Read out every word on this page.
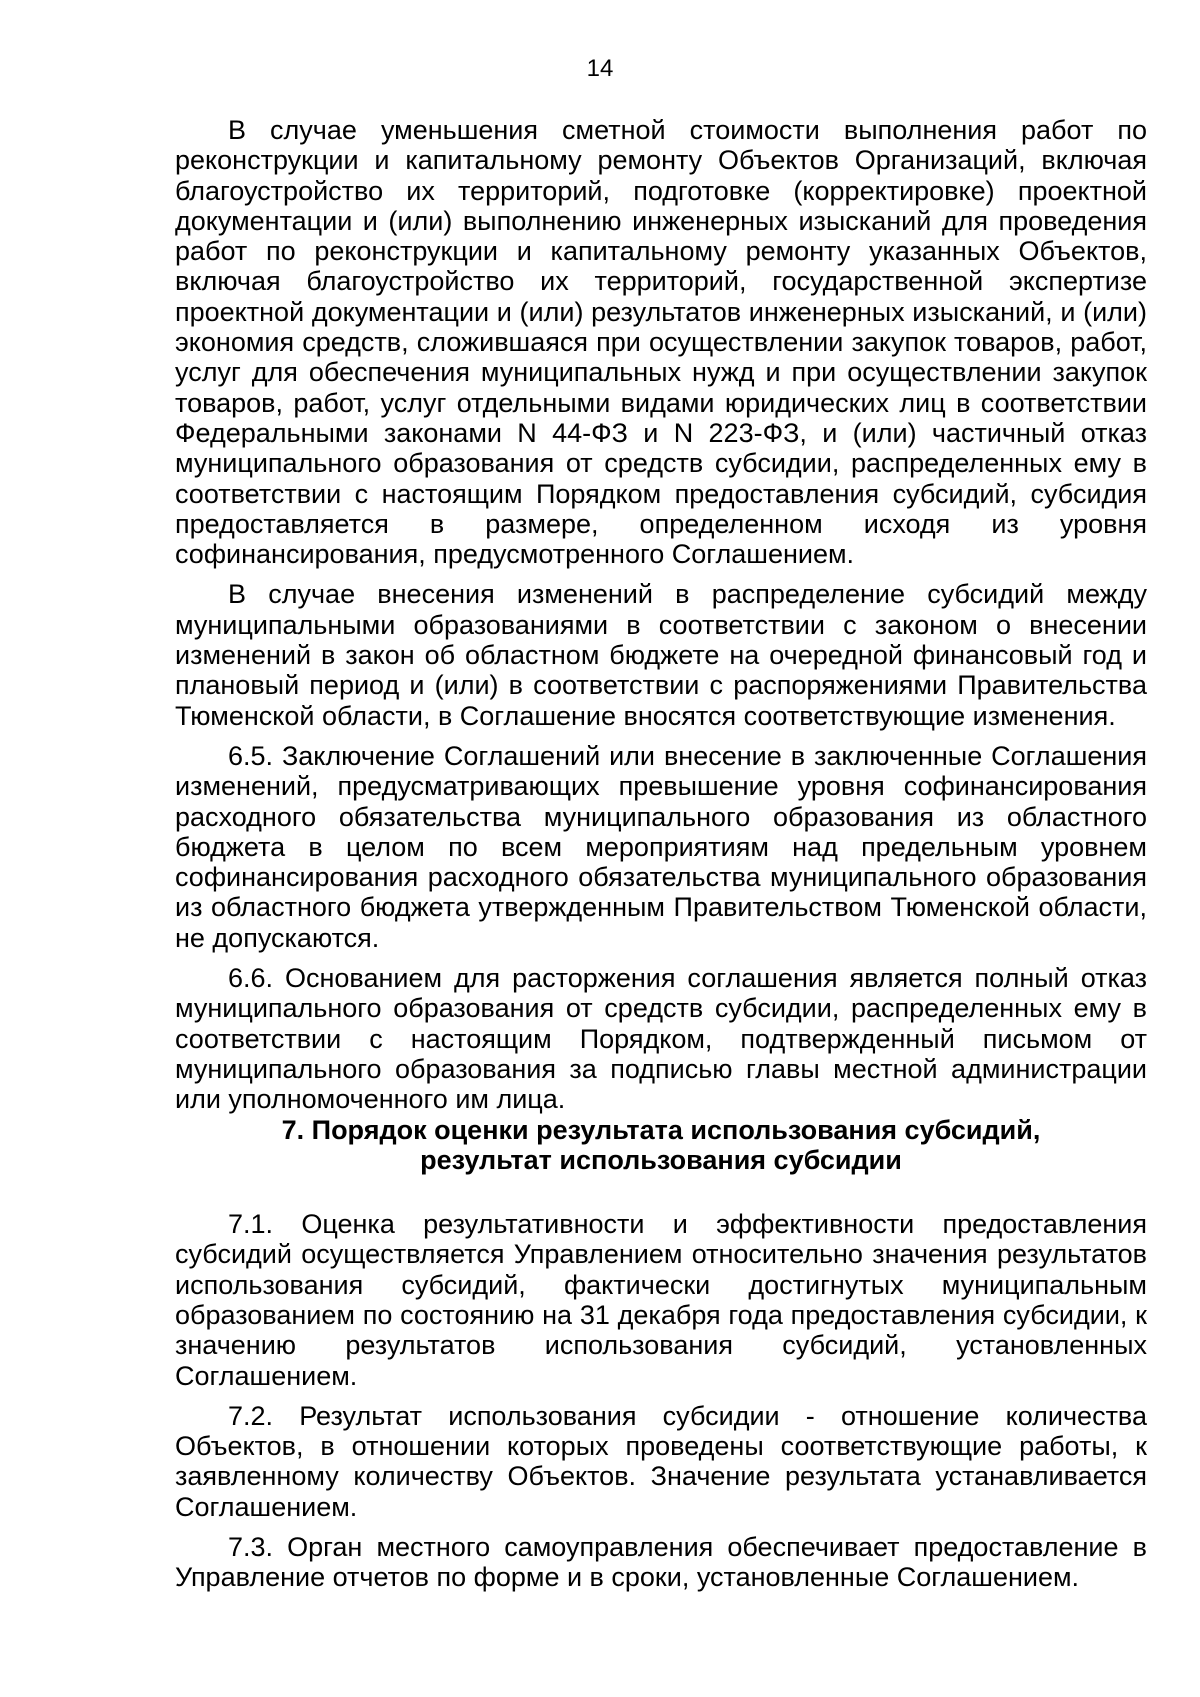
14

В случае уменьшения сметной стоимости выполнения работ по реконструкции и капитальному ремонту Объектов Организаций, включая благоустройство их территорий, подготовке (корректировке) проектной документации и (или) выполнению инженерных изысканий для проведения работ по реконструкции и капитальному ремонту указанных Объектов, включая благоустройство их территорий, государственной экспертизе проектной документации и (или) результатов инженерных изысканий, и (или) экономия средств, сложившаяся при осуществлении закупок товаров, работ, услуг для обеспечения муниципальных нужд и при осуществлении закупок товаров, работ, услуг отдельными видами юридических лиц в соответствии Федеральными законами N 44-ФЗ и N 223-ФЗ, и (или) частичный отказ муниципального образования от средств субсидии, распределенных ему в соответствии с настоящим Порядком предоставления субсидий, субсидия предоставляется в размере, определенном исходя из уровня софинансирования, предусмотренного Соглашением.

В случае внесения изменений в распределение субсидий между муниципальными образованиями в соответствии с законом о внесении изменений в закон об областном бюджете на очередной финансовый год и плановый период и (или) в соответствии с распоряжениями Правительства Тюменской области, в Соглашение вносятся соответствующие изменения.

6.5. Заключение Соглашений или внесение в заключенные Соглашения изменений, предусматривающих превышение уровня софинансирования расходного обязательства муниципального образования из областного бюджета в целом по всем мероприятиям над предельным уровнем софинансирования расходного обязательства муниципального образования из областного бюджета утвержденным Правительством Тюменской области, не допускаются.

6.6. Основанием для расторжения соглашения является полный отказ муниципального образования от средств субсидии, распределенных ему в соответствии с настоящим Порядком, подтвержденный письмом от муниципального образования за подписью главы местной администрации или уполномоченного им лица.

7. Порядок оценки результата использования субсидий,
результат использования субсидии

7.1. Оценка результативности и эффективности предоставления субсидий осуществляется Управлением относительно значения результатов использования субсидий, фактически достигнутых муниципальным образованием по состоянию на 31 декабря года предоставления субсидии, к значению результатов использования субсидий, установленных Соглашением.

7.2. Результат использования субсидии - отношение количества Объектов, в отношении которых проведены соответствующие работы, к заявленному количеству Объектов. Значение результата устанавливается Соглашением.

7.3. Орган местного самоуправления обеспечивает предоставление в Управление отчетов по форме и в сроки, установленные Соглашением.
